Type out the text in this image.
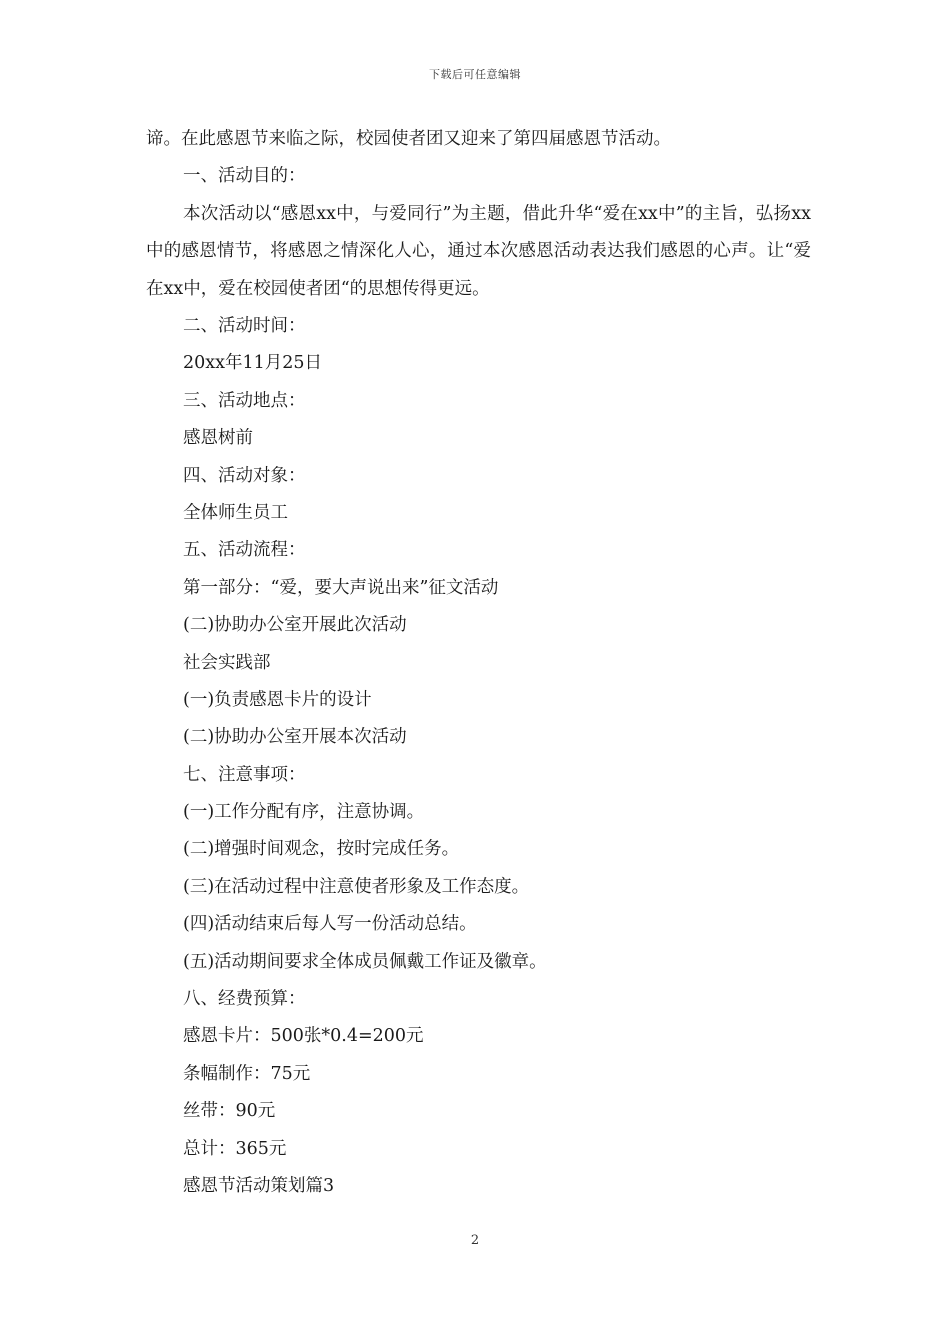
下载后可任意编辑
谛。在此感恩节来临之际，校园使者团又迎来了第四届感恩节活动。
一、活动目的：

本次活动以“感恩xx中，与爱同行”为主题，借此升华“爱在xx中”的主旨，弘扬xx中的感恩情节，将感恩之情深化人心，通过本次感恩活动表达我们感恩的心声。让“爱在xx中，爱在校园使者团“的思想传得更远。

二、活动时间：
20xx年11月25日
三、活动地点：
感恩树前
四、活动对象：
全体师生员工
五、活动流程：
第一部分：“爱，要大声说出来”征文活动
(二)协助办公室开展此次活动
社会实践部
(一)负责感恩卡片的设计
(二)协助办公室开展本次活动
七、注意事项：
(一)工作分配有序，注意协调。
(二)增强时间观念，按时完成任务。
(三)在活动过程中注意使者形象及工作态度。
(四)活动结束后每人写一份活动总结。
(五)活动期间要求全体成员佩戴工作证及徽章。
八、经费预算：
感恩卡片：500张*0.4=200元
条幅制作：75元
丝带：90元
总计：365元
感恩节活动策划篇3
2
